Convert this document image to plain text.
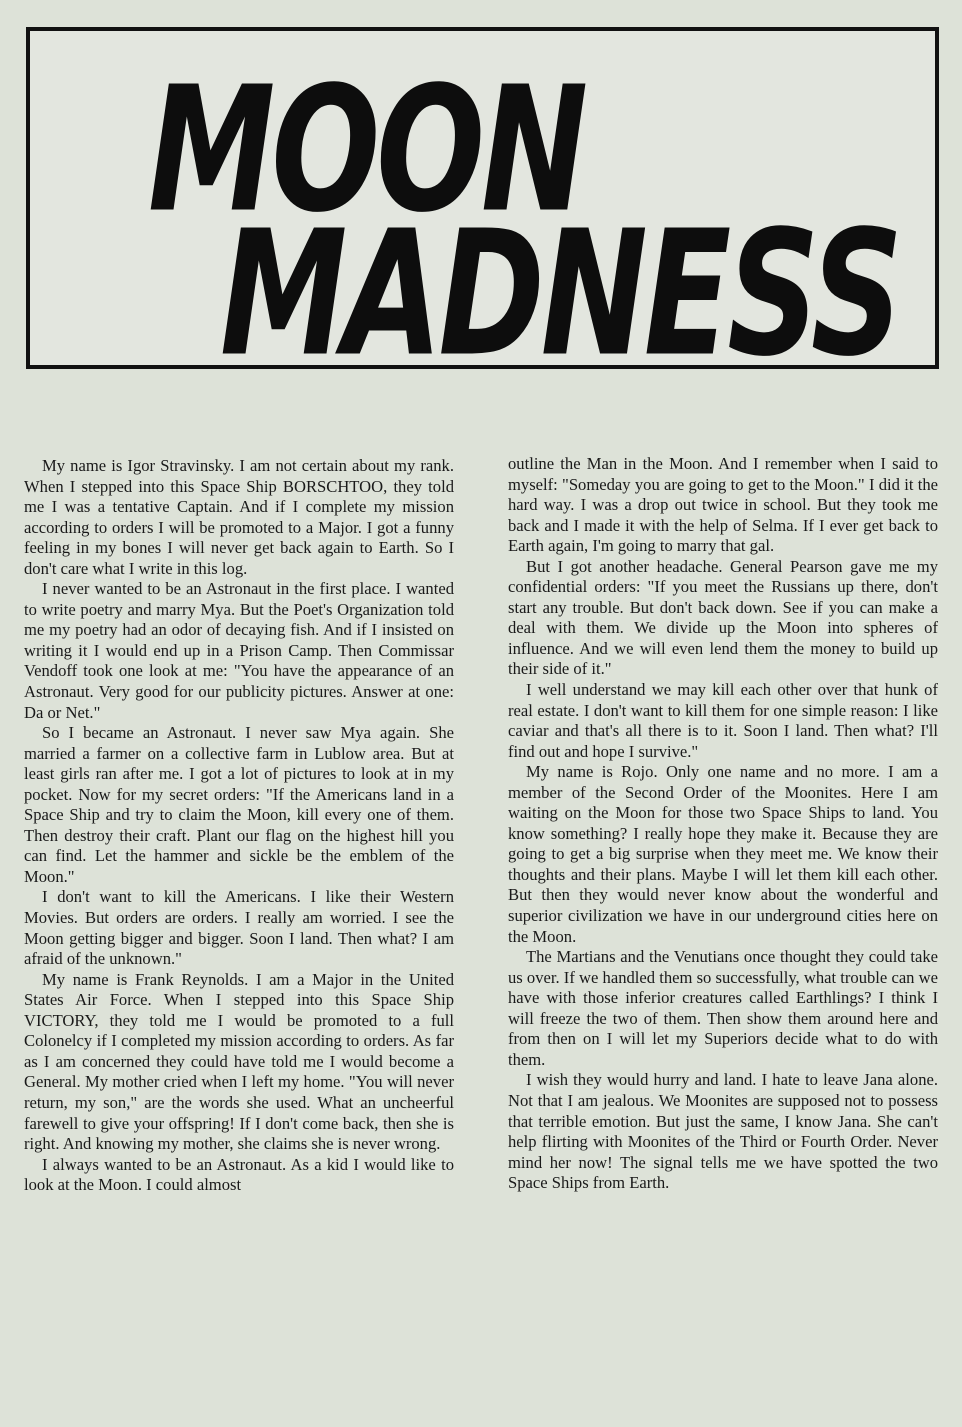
MOON
MADNESS

My name is Igor Stravinsky. I am not certain about my rank. When I stepped into this Space Ship BORSCHTOO, they told me I was a tentative Captain. And if I complete my mission according to orders I will be promoted to a Major. I got a funny feeling in my bones I will never get back again to Earth. So I don't care what I write in this log.

I never wanted to be an Astronaut in the first place. I wanted to write poetry and marry Mya. But the Poet's Organization told me my poetry had an odor of decaying fish. And if I insisted on writing it I would end up in a Prison Camp. Then Commissar Vendoff took one look at me: "You have the appearance of an Astronaut. Very good for our publicity pictures. Answer at one: Da or Net."

So I became an Astronaut. I never saw Mya again. She married a farmer on a collective farm in Lublow area. But at least girls ran after me. I got a lot of pictures to look at in my pocket. Now for my secret orders: "If the Americans land in a Space Ship and try to claim the Moon, kill every one of them. Then destroy their craft. Plant our flag on the highest hill you can find. Let the hammer and sickle be the emblem of the Moon."

I don't want to kill the Americans. I like their Western Movies. But orders are orders. I really am worried. I see the Moon getting bigger and bigger. Soon I land. Then what? I am afraid of the unknown."

My name is Frank Reynolds. I am a Major in the United States Air Force. When I stepped into this Space Ship VICTORY, they told me I would be promoted to a full Colonelcy if I completed my mission according to orders. As far as I am concerned they could have told me I would become a General. My mother cried when I left my home. "You will never return, my son," are the words she used. What an uncheerful farewell to give your offspring! If I don't come back, then she is right. And knowing my mother, she claims she is never wrong.

I always wanted to be an Astronaut. As a kid I would like to look at the Moon. I could almost

outline the Man in the Moon. And I remember when I said to myself: "Someday you are going to get to the Moon." I did it the hard way. I was a drop out twice in school. But they took me back and I made it with the help of Selma. If I ever get back to Earth again, I'm going to marry that gal.

But I got another headache. General Pearson gave me my confidential orders: "If you meet the Russians up there, don't start any trouble. But don't back down. See if you can make a deal with them. We divide up the Moon into spheres of influence. And we will even lend them the money to build up their side of it."

I well understand we may kill each other over that hunk of real estate. I don't want to kill them for one simple reason: I like caviar and that's all there is to it. Soon I land. Then what? I'll find out and hope I survive."

My name is Rojo. Only one name and no more. I am a member of the Second Order of the Moonites. Here I am waiting on the Moon for those two Space Ships to land. You know something? I really hope they make it. Because they are going to get a big surprise when they meet me. We know their thoughts and their plans. Maybe I will let them kill each other. But then they would never know about the wonderful and superior civilization we have in our underground cities here on the Moon.

The Martians and the Venutians once thought they could take us over. If we handled them so successfully, what trouble can we have with those inferior creatures called Earthlings? I think I will freeze the two of them. Then show them around here and from then on I will let my Superiors decide what to do with them.

I wish they would hurry and land. I hate to leave Jana alone. Not that I am jealous. We Moonites are supposed not to possess that terrible emotion. But just the same, I know Jana. She can't help flirting with Moonites of the Third or Fourth Order. Never mind her now! The signal tells me we have spotted the two Space Ships from Earth.
